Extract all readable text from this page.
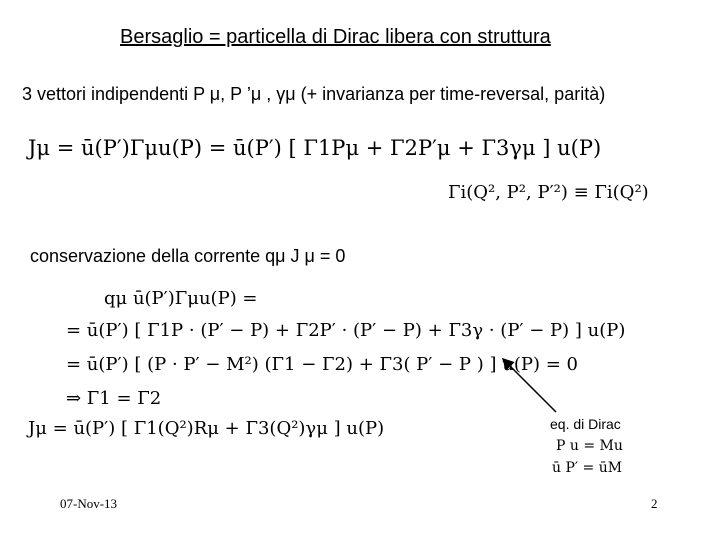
Bersaglio = particella di Dirac libera con struttura
3 vettori indipendenti P μ, P ’μ , γμ (+ invarianza per time-reversal, parità)
Jμ = ū(P′)Γμu(P) = ū(P′) [ Γ1Pμ + Γ2P′μ + Γ3γμ ] u(P)
Γi(Q², P², P′²) ≡ Γi(Q²)
conservazione della corrente qμ J μ = 0
qμ ū(P′)Γμu(P) =
= ū(P′) [ Γ1P · (P′ − P) + Γ2P′ · (P′ − P) + Γ3γ · (P′ − P) ] u(P)
= ū(P′) [ (P · P′ − M²) (Γ1 − Γ2) + Γ3( P′ − P ) ] u(P) = 0
⇒ Γ1 = Γ2
Jμ = ū(P′) [ Γ1(Q²)Rμ + Γ3(Q²)γμ ] u(P)	eq. di Dirac
P u = Mu
ū P′ = ūM
07-Nov-13	2
